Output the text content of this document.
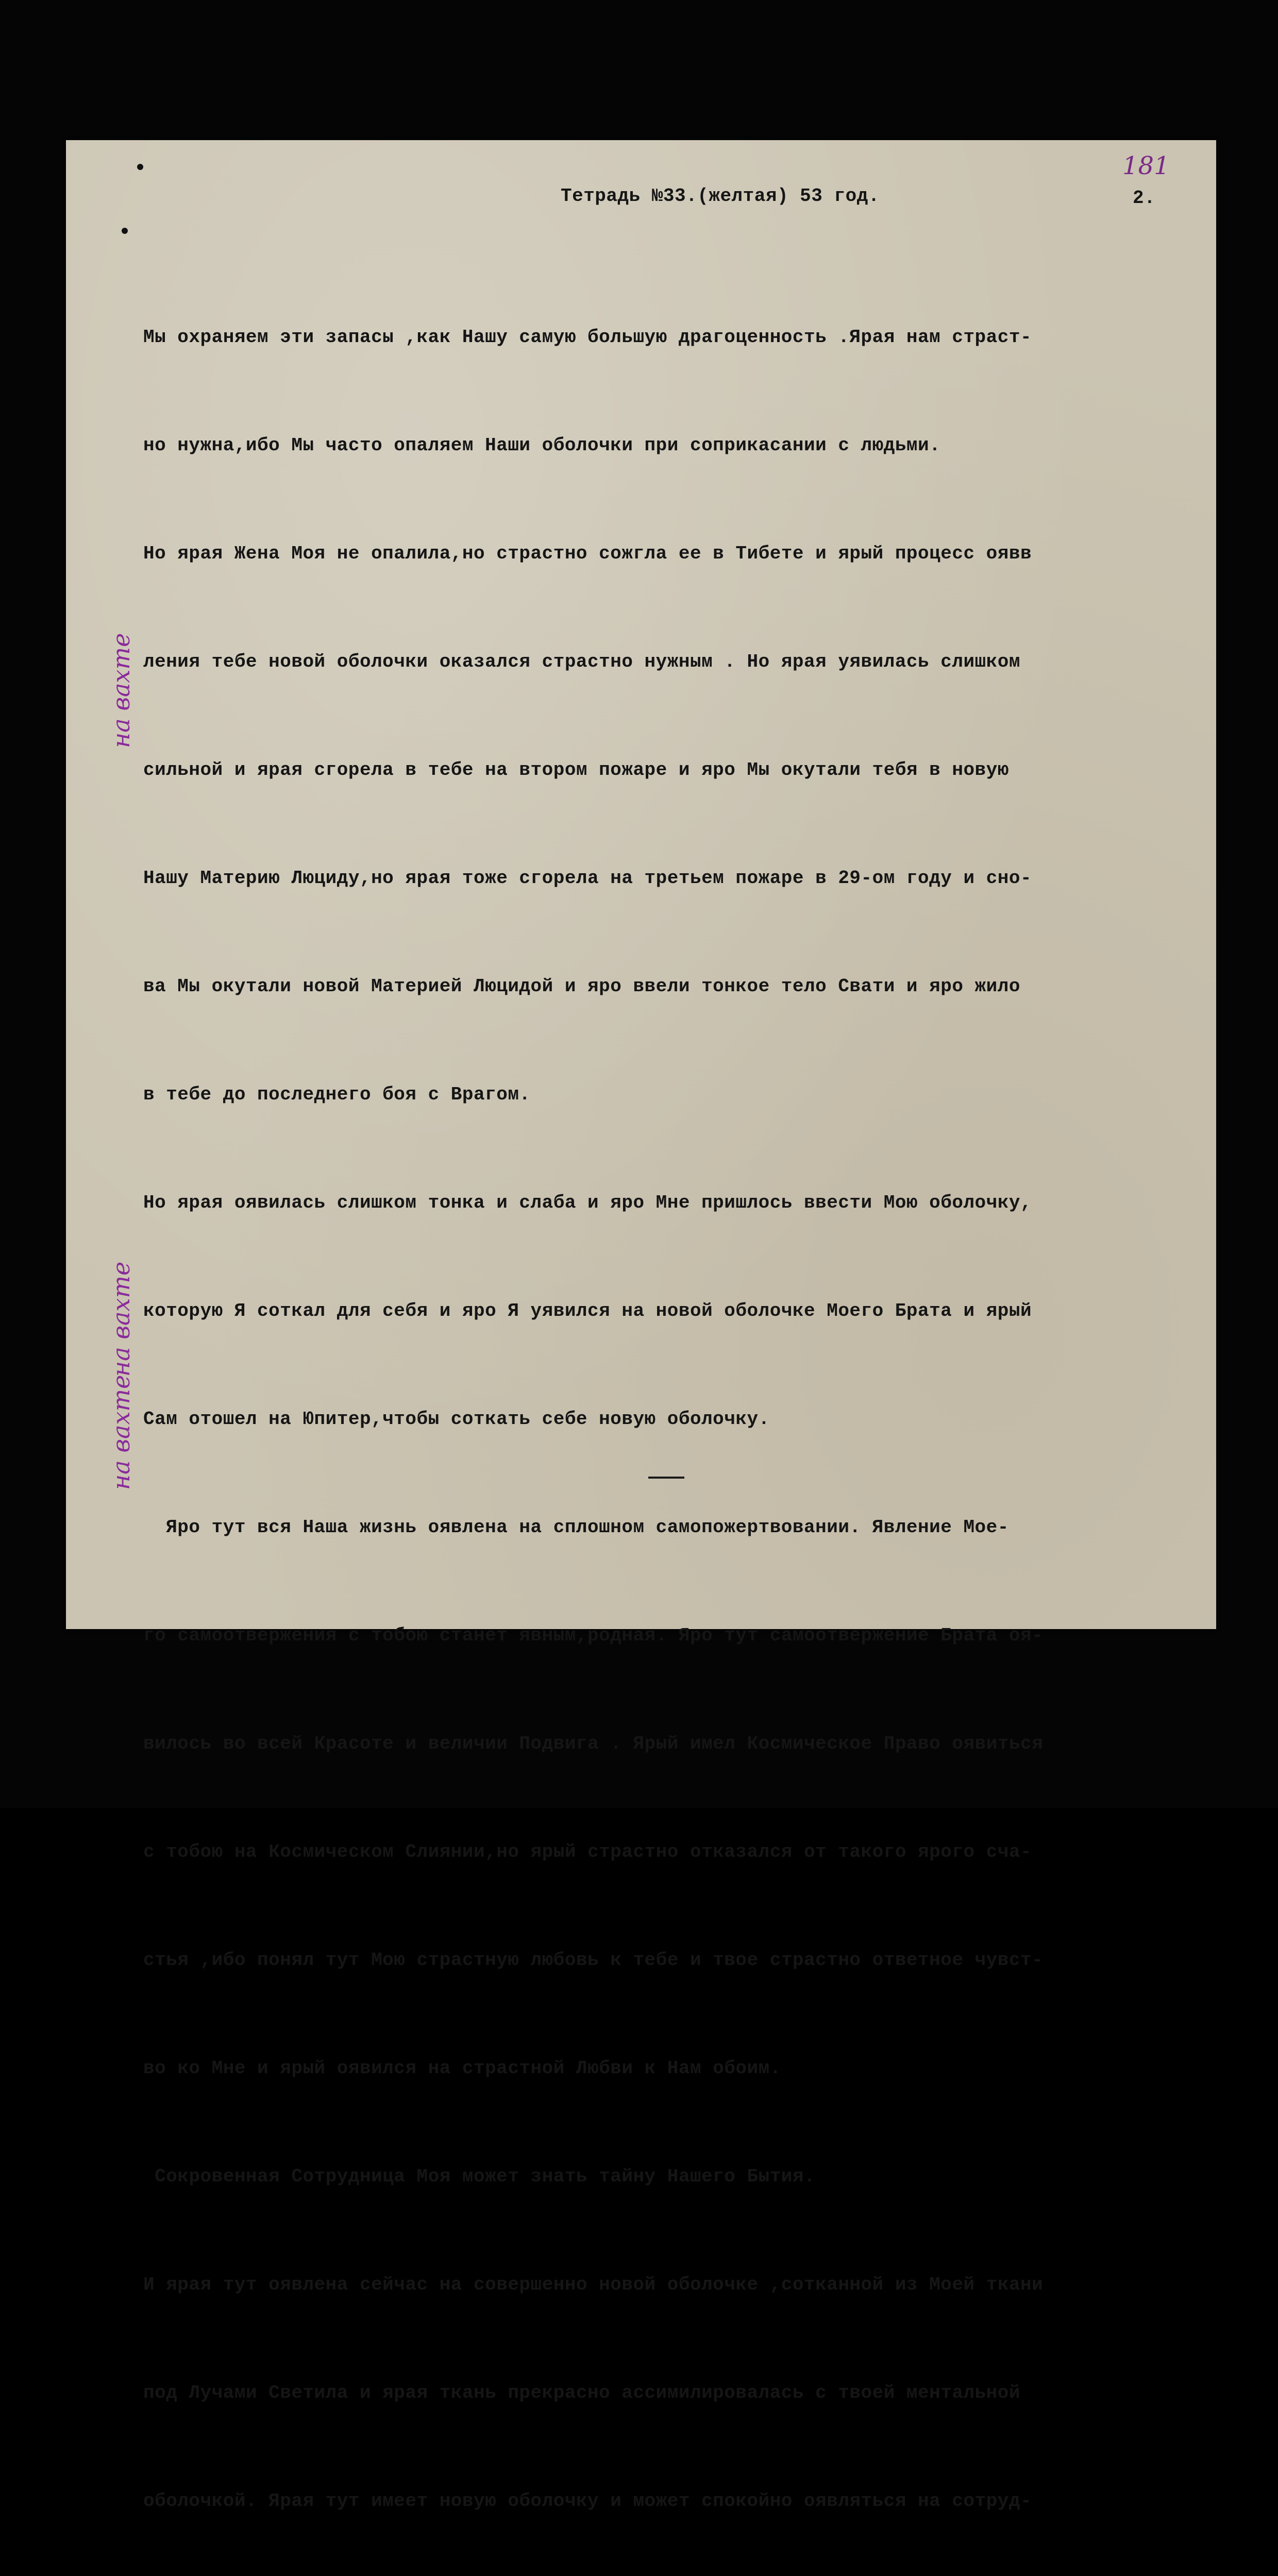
181
Тетрадь №33.(желтая) 53 год.	2.

Мы охраняем эти запасы ,как Нашу самую большую драгоценность .Ярая нам страст-

но нужна,ибо Мы часто опаляем Наши оболочки при соприкасании с людьми.

Но ярая Жена Моя не опалила,но страстно сожгла ее в Тибете и ярый процесс оявв

ления тебе новой оболочки оказался страстно нужным . Но ярая уявилась слишком

сильной и ярая сгорела в тебе на втором пожаре и яро Мы окутали тебя в новую

Нашу Материю Люциду,но ярая тоже сгорела на третьем пожаре в 29-ом году и сно-

ва Мы окутали новой Материей Люцидой и яро ввели тонкое тело Свати и яро жило

в тебе до последнего боя с Врагом.

Но ярая оявилась слишком тонка и слаба и яро Мне пришлось ввести Мою оболочку,

которую Я соткал для себя и яро Я уявился на новой оболочке Моего Брата и ярый

Сам отошел на Юпитер,чтобы соткать себе новую оболочку.

Яро тут вся Наша жизнь оявлена на сплошном самопожертвовании. Явление Мое-

го самоотвержения с тобою станет явным,родная. Яро тут самоотвержение Брата оя-

вилось во всей Красоте и величии Подвига . Ярый имел Космическое Право оявиться

с тобою на Космическом Слиянии,но ярый страстно отказался от такого ярого сча-

стья ,ибо понял тут Мою страстную любовь к тебе и твое страстно ответное чувст-

во ко Мне и ярый оявился на страстной Любви к Нам обоим.

Сокровенная Сотрудница Моя может знать тайну Нашего Бытия.

И ярая тут оявлена сейчас на совершенно новой оболочке ,сотканной из Моей ткани

под Лучами Светила и ярая ткань прекрасно ассимилировалась с твоей ментальной

оболочкой. Ярая тут имеет новую оболочку и может спокойно оявляться на сотруд-

на вахте
на вахте
на вахте
